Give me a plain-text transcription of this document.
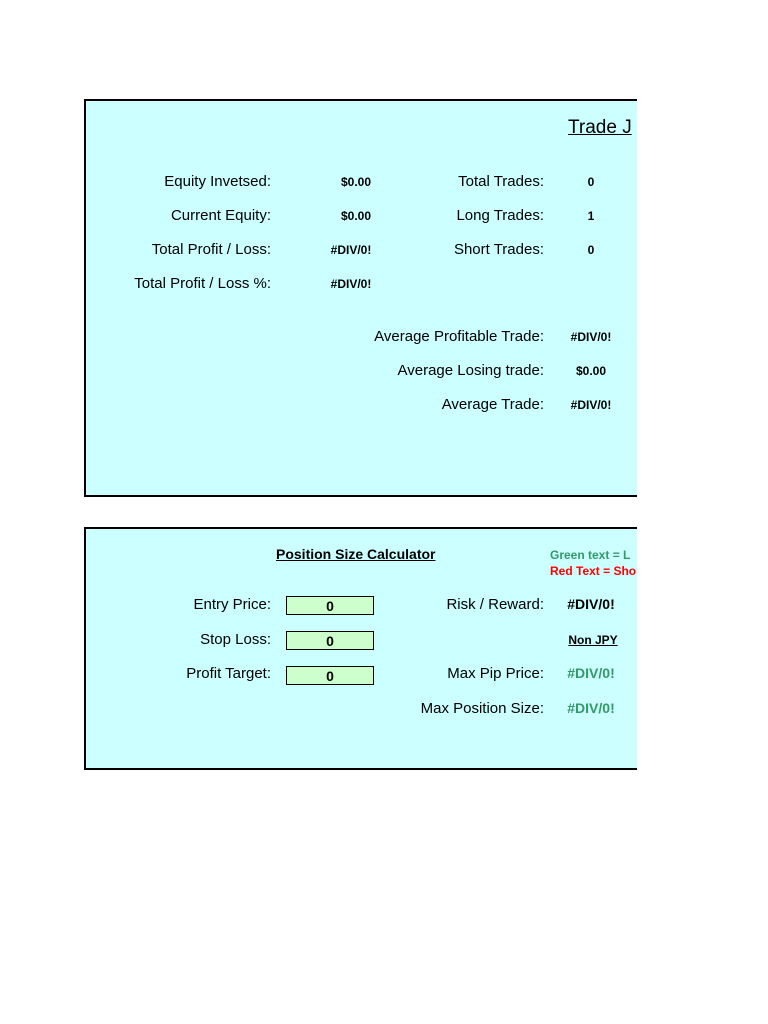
Trade J
Equity Invetsed:	$0.00
Current Equity:	$0.00
Total Profit / Loss:	#DIV/0!
Total Profit / Loss %:	#DIV/0!
Total Trades:	0
Long Trades:	1
Short Trades:	0
Average Profitable Trade:	#DIV/0!
Average Losing trade:	$0.00
Average Trade:	#DIV/0!
Position Size Calculator	Green text = L
Red Text = Sho
Entry Price:
0
Stop Loss:
0
Profit Target:
0
Risk / Reward:	#DIV/0!
Non JPY
Max Pip Price:	#DIV/0!
Max Position Size:	#DIV/0!
